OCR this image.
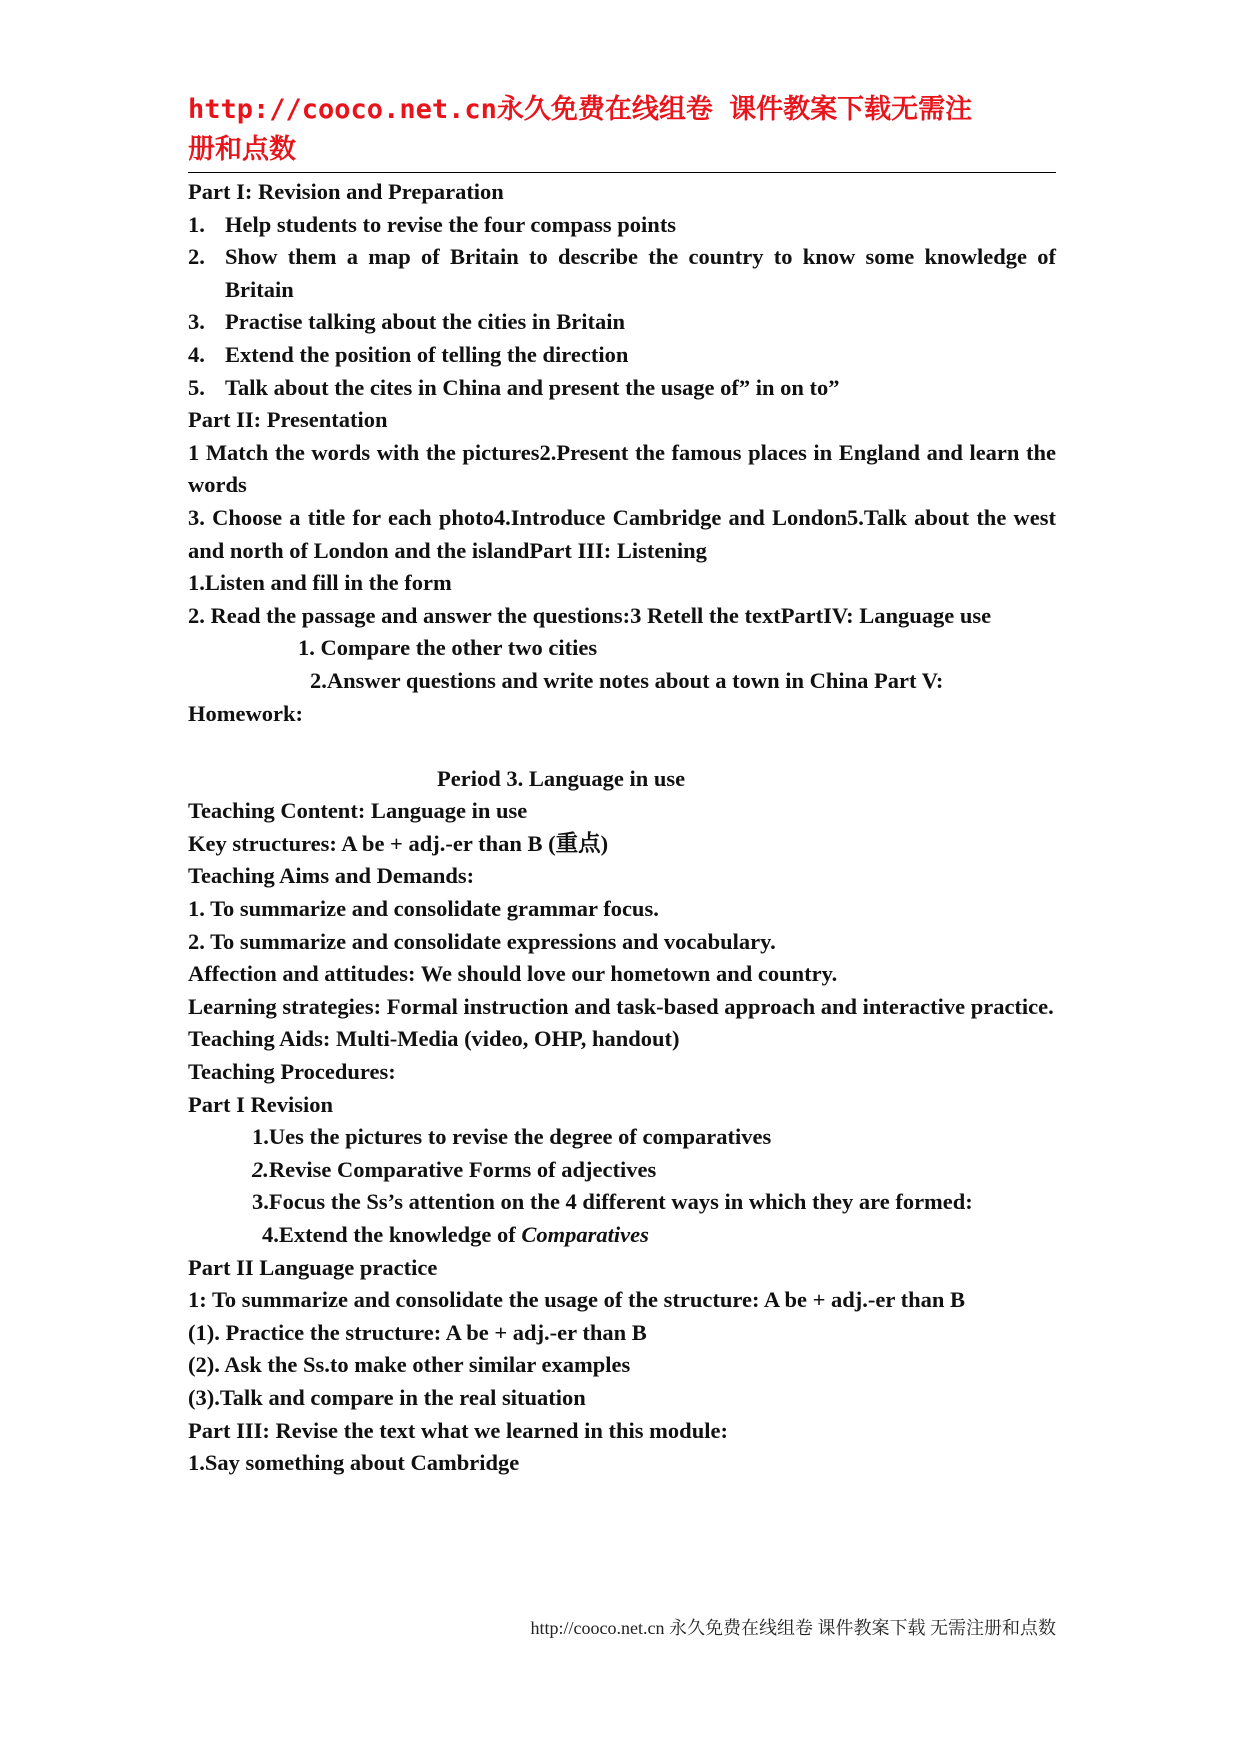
http://cooco.net.cn永久免费在线组卷 课件教案下载无需注
册和点数

Part I: Revision and Preparation

1. Help students to revise the four compass points
2. Show them a map of Britain to describe the country to know some knowledge of Britain
3. Practise talking about the cities in Britain
4. Extend the position of telling the direction
5. Talk about the cites in China and present the usage of” in on to”

Part II: Presentation

1 Match the words with the pictures2.Present the famous places in England and learn the words

3. Choose a title for each photo4.Introduce Cambridge and London5.Talk about the west and north of London and the islandPart III: Listening

1.Listen and fill in the form

2. Read the passage and answer the questions:3 Retell the textPartIV: Language use

1. Compare the other two cities

2.Answer questions and write notes about a town in China Part V:

Homework:

Period 3. Language in use

Teaching Content: Language in use

Key structures: A be + adj.-er than B (重点)

Teaching Aims and Demands:

1. To summarize and consolidate grammar focus.

2. To summarize and consolidate expressions and vocabulary.

Affection and attitudes: We should love our hometown and country.

Learning strategies: Formal instruction and task-based approach and interactive practice.

Teaching Aids: Multi-Media (video, OHP, handout)

Teaching Procedures:

Part I Revision

1.Ues the pictures to revise the degree of comparatives

2.Revise Comparative Forms of adjectives

3.Focus the Ss’s attention on the 4 different ways in which they are formed:

4.Extend the knowledge of Comparatives

Part II Language practice

1: To summarize and consolidate the usage of the structure: A be + adj.-er than B

(1). Practice the structure: A be + adj.-er than B

(2). Ask the Ss.to make other similar examples

(3).Talk and compare in the real situation

Part III: Revise the text what we learned in this module:

1.Say something about Cambridge

http://cooco.net.cn 永久免费在线组卷 课件教案下载 无需注册和点数
